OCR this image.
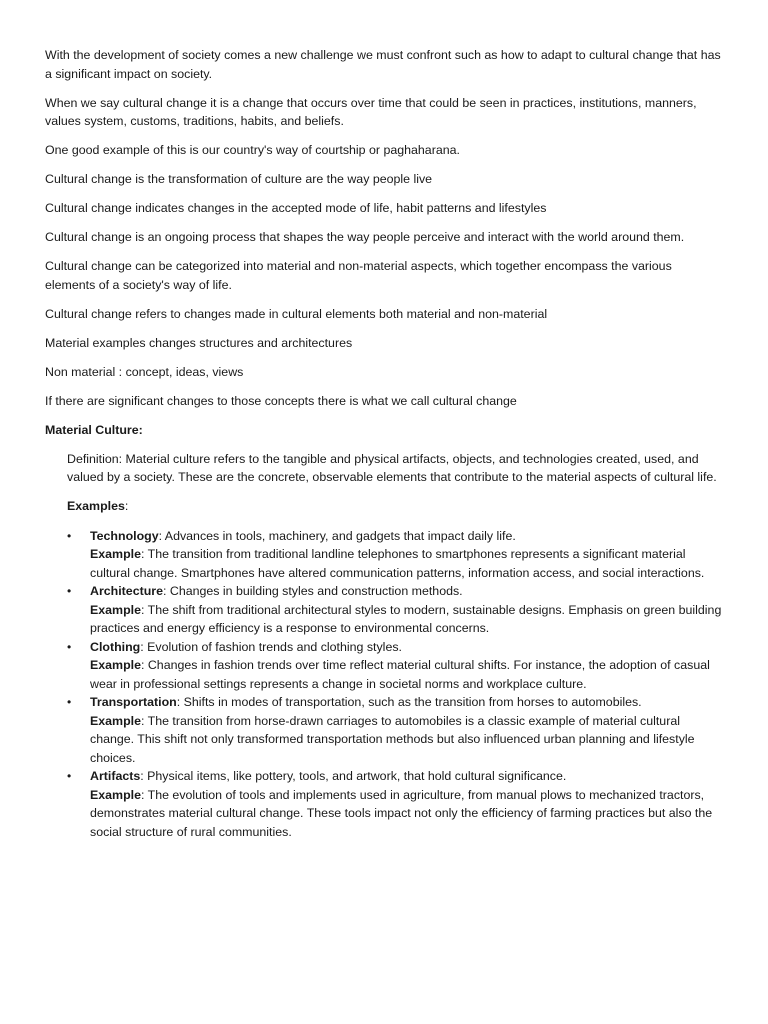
With the development of society comes a new challenge we must confront such as how to adapt to cultural change that has a significant impact on society.

When we say cultural change it is a change that occurs over time that could be seen in practices, institutions, manners, values system, customs, traditions, habits, and beliefs.

One good example of this is our country's way of courtship or paghaharana.

Cultural change is the transformation of culture are the way people live

Cultural change indicates changes in the accepted mode of life, habit patterns and lifestyles

Cultural change is an ongoing process that shapes the way people perceive and interact with the world around them.

Cultural change can be categorized into material and non-material aspects, which together encompass the various elements of a society's way of life.

Cultural change refers to changes made in cultural elements both material and non-material

Material examples changes structures and architectures

Non material : concept, ideas, views

If there are significant changes to those concepts there is what we call cultural change

Material Culture:

Definition: Material culture refers to the tangible and physical artifacts, objects, and technologies created, used, and valued by a society. These are the concrete, observable elements that contribute to the material aspects of cultural life.

Examples:

• Technology: Advances in tools, machinery, and gadgets that impact daily life.
Example: The transition from traditional landline telephones to smartphones represents a significant material cultural change. Smartphones have altered communication patterns, information access, and social interactions.
• Architecture: Changes in building styles and construction methods.
Example: The shift from traditional architectural styles to modern, sustainable designs. Emphasis on green building practices and energy efficiency is a response to environmental concerns.
• Clothing: Evolution of fashion trends and clothing styles.
Example: Changes in fashion trends over time reflect material cultural shifts. For instance, the adoption of casual wear in professional settings represents a change in societal norms and workplace culture.
• Transportation: Shifts in modes of transportation, such as the transition from horses to automobiles.
Example: The transition from horse-drawn carriages to automobiles is a classic example of material cultural change. This shift not only transformed transportation methods but also influenced urban planning and lifestyle choices.
• Artifacts: Physical items, like pottery, tools, and artwork, that hold cultural significance.
Example: The evolution of tools and implements used in agriculture, from manual plows to mechanized tractors, demonstrates material cultural change. These tools impact not only the efficiency of farming practices but also the social structure of rural communities.
